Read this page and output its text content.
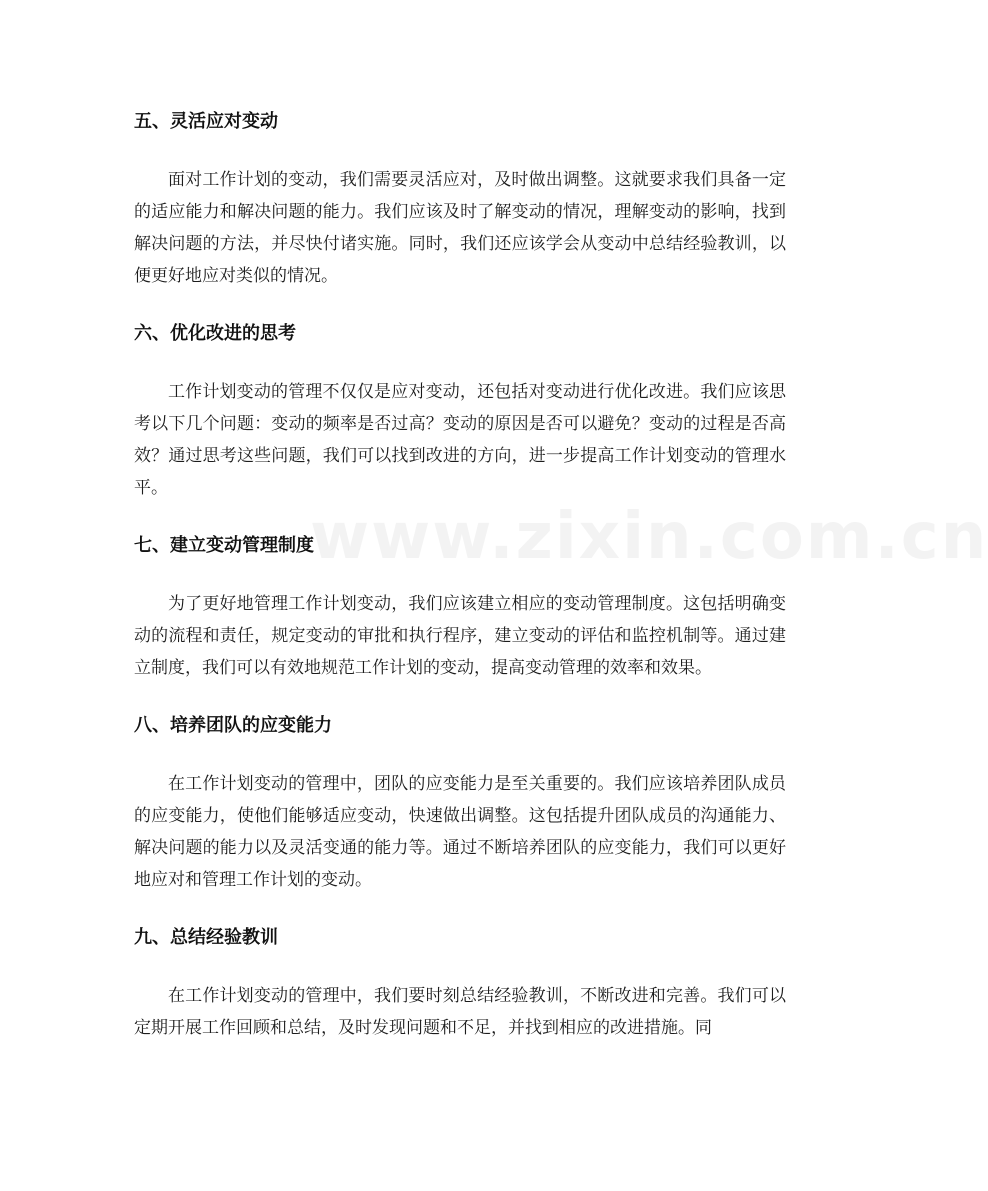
www.zixin.com.cn
五、灵活应对变动

面对工作计划的变动，我们需要灵活应对，及时做出调整。这就要求我们具备一定的适应能力和解决问题的能力。我们应该及时了解变动的情况，理解变动的影响，找到解决问题的方法，并尽快付诸实施。同时，我们还应该学会从变动中总结经验教训，以便更好地应对类似的情况。

六、优化改进的思考

工作计划变动的管理不仅仅是应对变动，还包括对变动进行优化改进。我们应该思考以下几个问题：变动的频率是否过高？变动的原因是否可以避免？变动的过程是否高效？通过思考这些问题，我们可以找到改进的方向，进一步提高工作计划变动的管理水平。

七、建立变动管理制度

为了更好地管理工作计划变动，我们应该建立相应的变动管理制度。这包括明确变动的流程和责任，规定变动的审批和执行程序，建立变动的评估和监控机制等。通过建立制度，我们可以有效地规范工作计划的变动，提高变动管理的效率和效果。

八、培养团队的应变能力

在工作计划变动的管理中，团队的应变能力是至关重要的。我们应该培养团队成员的应变能力，使他们能够适应变动，快速做出调整。这包括提升团队成员的沟通能力、解决问题的能力以及灵活变通的能力等。通过不断培养团队的应变能力，我们可以更好地应对和管理工作计划的变动。

九、总结经验教训

在工作计划变动的管理中，我们要时刻总结经验教训，不断改进和完善。我们可以定期开展工作回顾和总结，及时发现问题和不足，并找到相应的改进措施。同
